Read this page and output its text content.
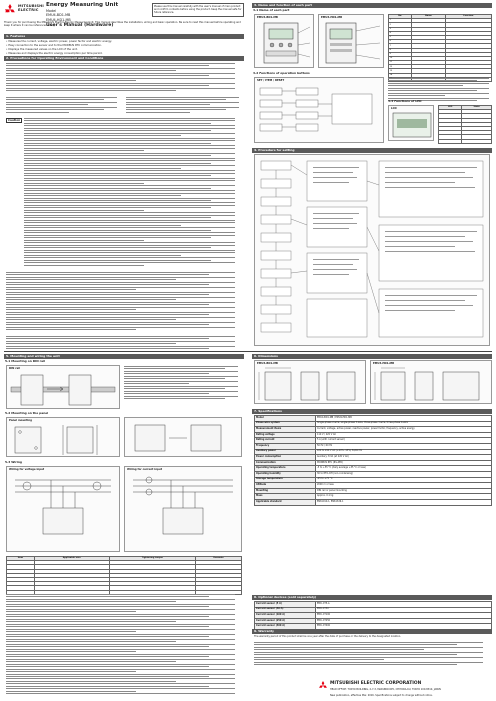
MITSUBISHI ELECTRIC
Energy Measuring Unit
Model
EMU4-BD1-MB
EMU4-HD1-MB
User's Manual (Hardware)
Please use this manual carefully with the user's manual of main product and confirm contents before using the product. Keep the manual safe for future reference.
Thank you for purchasing the Mitsubishi Electric Energy Measuring Unit. This manual describes the installation, wiring and basic operation. Be sure to read this manual before operating and keep it where it can be referenced easily.
1. Features
• Measures the current, voltage, electric power, power factor and electric energy.
• Easy connection to the sensor and to the MODBUS RTU communication.
• Displays the measured values on the LCD of the unit.
• Measures and displays the electric energy consumption per time period.
2. Precautions for Operating Environment and Conditions
Caution
3. Name and function of each part
3-1 Name of each part
EMU4-BD1-MB	EMU4-HD1-MB	No.	Name	Function
1		
2		
3		
4		
5		
6		
7		
8		
9		
10		
11		
12		
13		
14		
15		
3-2 Functions of operation buttons
SET / ITEM / RESET
3-3 Functions of LED
LCD	LED	State

4. Procedure for setting
5. Mounting and wiring the unit
5-1 Mounting on DIN rail
DIN rail
5-2 Mounting on the panel
Panel mounting
5-3 Wiring
Wiring for voltage input	Wiring for current input
Item	Applicable wire	Tightening torque	Remarks

6. Dimensions
EMU4-BD1-MB	EMU4-HD1-MB
7. Specifications
Model	EMU4-BD1-MB / EMU4-HD1-MB
Phase wire system	Single-phase 2-wire, single-phase 3-wire, three-phase 3-wire, three-phase 4-wire
Measurement items	Current, voltage, active power, reactive power, power factor, frequency, active energy
Rating voltage	110 V / 220 V AC
Rating current	5 A (with current sensor)
Frequency	50 Hz / 60 Hz
Auxiliary power	100 to 240 V AC (+10% -15%) 50/60 Hz
Power consumption	Auxiliary: 8 VA (at 220 V AC)
Communication	MODBUS RTU (RS-485)
Operating temperature	-5 to +55 °C (daily average +35 °C or less)
Operating humidity	30 to 85% RH (non-condensing)
Storage temperature	-25 to +75 °C
Altitude	2000 m or less
Mounting	DIN rail or panel mounting
Mass	Approx. 0.1 kg
Applicable standard	EN61010-1, EN61326-1
8. Optional devices (sold separately)
Current sensor (5 A)	EMU-CT5-A
Current sensor (50 A)	EMU-CT50
Current sensor (100 A)	EMU-CT100
Current sensor (250 A)	EMU-CT250
Current sensor (400 A)	EMU-CT400
9. Warranty
The warranty period of this product shall be one year after the date of purchase or the delivery to the designated location.
MITSUBISHI ELECTRIC CORPORATION
HEAD OFFICE: TOKYO BUILDING, 2-7-3, MARUNOUCHI, CHIYODA-KU, TOKYO 100-8310, JAPAN
New publication, effective Mar. 2016. Specifications subject to change without notice.
